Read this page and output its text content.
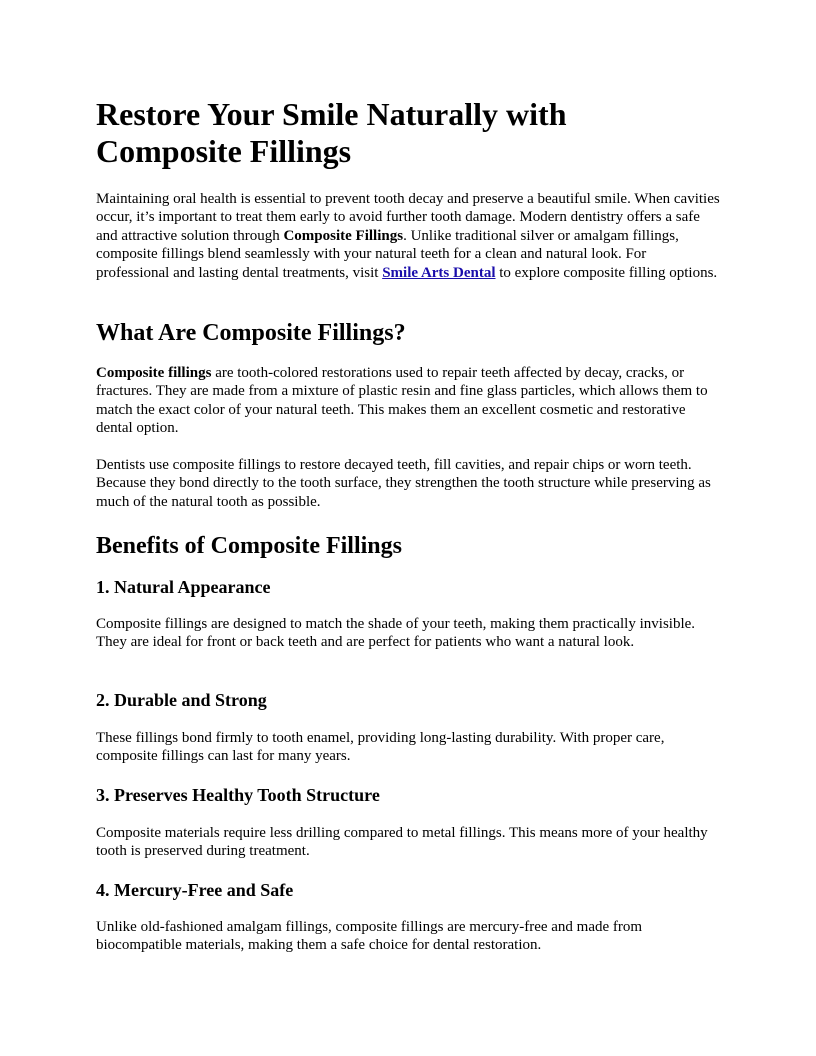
Restore Your Smile Naturally with Composite Fillings

Maintaining oral health is essential to prevent tooth decay and preserve a beautiful smile. When cavities occur, it’s important to treat them early to avoid further tooth damage. Modern dentistry offers a safe and attractive solution through Composite Fillings. Unlike traditional silver or amalgam fillings, composite fillings blend seamlessly with your natural teeth for a clean and natural look. For professional and lasting dental treatments, visit Smile Arts Dental to explore composite filling options.

What Are Composite Fillings?

Composite fillings are tooth-colored restorations used to repair teeth affected by decay, cracks, or fractures. They are made from a mixture of plastic resin and fine glass particles, which allows them to match the exact color of your natural teeth. This makes them an excellent cosmetic and restorative dental option.

Dentists use composite fillings to restore decayed teeth, fill cavities, and repair chips or worn teeth. Because they bond directly to the tooth surface, they strengthen the tooth structure while preserving as much of the natural tooth as possible.

Benefits of Composite Fillings
1. Natural Appearance

Composite fillings are designed to match the shade of your teeth, making them practically invisible. They are ideal for front or back teeth and are perfect for patients who want a natural look.

2. Durable and Strong

These fillings bond firmly to tooth enamel, providing long-lasting durability. With proper care, composite fillings can last for many years.

3. Preserves Healthy Tooth Structure

Composite materials require less drilling compared to metal fillings. This means more of your healthy tooth is preserved during treatment.

4. Mercury-Free and Safe

Unlike old-fashioned amalgam fillings, composite fillings are mercury-free and made from biocompatible materials, making them a safe choice for dental restoration.
